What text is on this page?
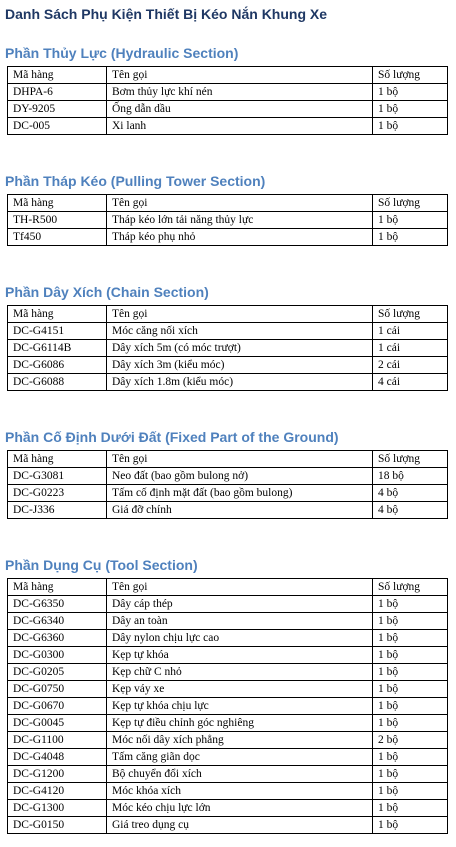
Danh Sách Phụ Kiện Thiết Bị Kéo Nắn Khung Xe
Phần Thủy Lực (Hydraulic Section)
Mã hàng	Tên gọi	Số lượng
DHPA-6	Bơm thủy lực khí nén	1 bộ
DY-9205	Ống dẫn dầu	1 bộ
DC-005	Xi lanh	1 bộ
Phần Tháp Kéo (Pulling Tower Section)
Mã hàng	Tên gọi	Số lượng
TH-R500	Tháp kéo lớn tải năng thủy lực	1 bộ
Tf450	Tháp kéo phụ nhỏ	1 bộ
Phần Dây Xích (Chain Section)
Mã hàng	Tên gọi	Số lượng
DC-G4151	Móc căng nối xích	1 cái
DC-G6114B	Dây xích 5m (có móc trượt)	1 cái
DC-G6086	Dây xích 3m (kiểu móc)	2 cái
DC-G6088	Dây xích 1.8m (kiểu móc)	4 cái
Phần Cố Định Dưới Đất (Fixed Part of the Ground)
Mã hàng	Tên gọi	Số lượng
DC-G3081	Neo đất (bao gồm bulong nở)	18 bộ
DC-G0223	Tấm cố định mặt đất (bao gồm bulong)	4 bộ
DC-J336	Giá đỡ chính	4 bộ
Phần Dụng Cụ (Tool Section)
Mã hàng	Tên gọi	Số lượng
DC-G6350	Dây cáp thép	1 bộ
DC-G6340	Dây an toàn	1 bộ
DC-G6360	Dây nylon chịu lực cao	1 bộ
DC-G0300	Kẹp tự khóa	1 bộ
DC-G0205	Kẹp chữ C nhỏ	1 bộ
DC-G0750	Kẹp váy xe	1 bộ
DC-G0670	Kẹp tự khóa chịu lực	1 bộ
DC-G0045	Kẹp tự điều chỉnh góc nghiêng	1 bộ
DC-G1100	Móc nối dây xích phẳng	2 bộ
DC-G4048	Tấm căng giãn dọc	1 bộ
DC-G1200	Bộ chuyển đổi xích	1 bộ
DC-G4120	Móc khóa xích	1 bộ
DC-G1300	Móc kéo chịu lực lớn	1 bộ
DC-G0150	Giá treo dụng cụ	1 bộ
